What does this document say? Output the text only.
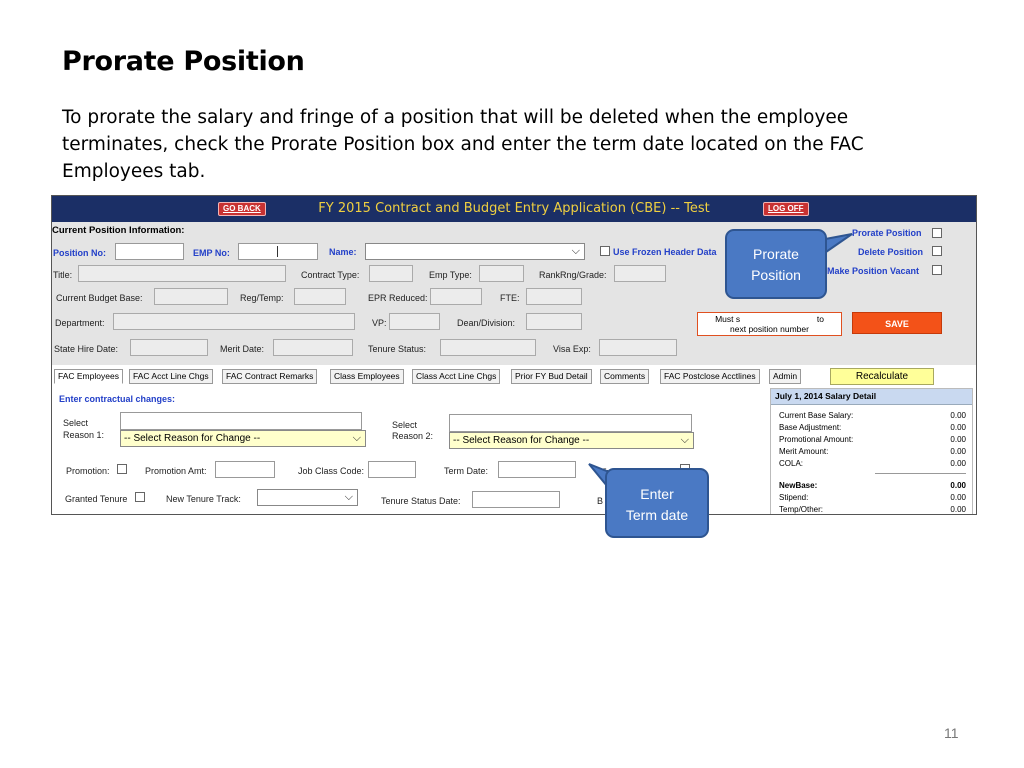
Prorate Position
To prorate the salary and fringe of a position that will be deleted when the employee terminates, check the Prorate Position box and enter the term date located on the FAC Employees tab.
11
GO BACK	FY 2015 Contract and Budget Entry Application (CBE) -- Test	LOG OFF
Current Position Information:
Position No:	EMP No:	Name:	⌵	Use Frozen Header Data
Prorate Position
Delete Position
Make Position Vacant
Title:	Contract Type:	Emp Type:	RankRng/Grade:
Current Budget Base:	Reg/Temp:	EPR Reduced:	FTE:
Must s	to
next position number	SAVE
Department:	VP:	Dean/Division:
State Hire Date:	Merit Date:	Tenure Status:	Visa Exp:
FAC Employees	FAC Acct Line Chgs	FAC Contract Remarks	Class Employees	Class Acct Line Chgs	Prior FY Bud Detail	Comments	FAC Postclose Acctlines	Admin	Recalculate
Enter contractual changes:
Select
Reason 1: -- Select Reason for Change --	⌵
Select
Reason 2: -- Select Reason for Change --	⌵
Promotion:	Promotion Amt:	Job Class Code:	Term Date:
Granted Tenure	New Tenure Track:	⌵	Tenure Status Date:	B
July 1, 2014 Salary Detail
Current Base Salary:	0.00
Base Adjustment:	0.00
Promotional Amount:	0.00
Merit Amount:	0.00
COLA:	0.00
NewBase:	0.00
Stipend:	0.00
Temp/Other:	0.00
Prorate
Position
Enter
Term date
